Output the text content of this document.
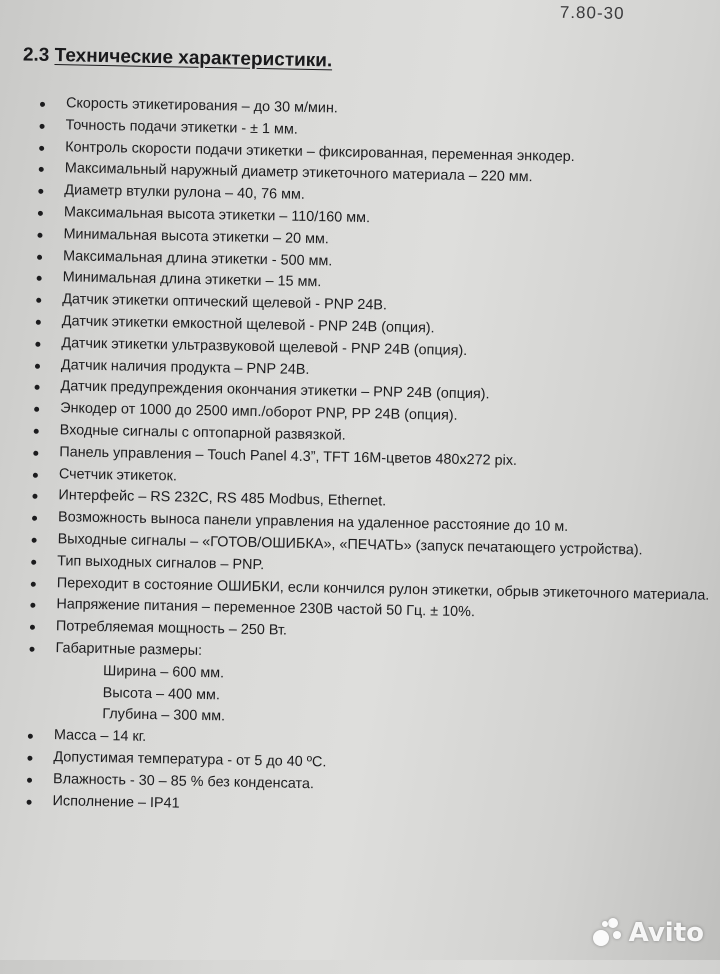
7.80-30
2.3 Технические характеристики.
Скорость этикетирования – до 30 м/мин.
Точность подачи этикетки - ± 1 мм.
Контроль скорости подачи этикетки – фиксированная, переменная энкодер.
Максимальный наружный диаметр этикеточного материала – 220 мм.
Диаметр втулки рулона – 40, 76 мм.
Максимальная высота этикетки – 110/160 мм.
Минимальная высота этикетки – 20 мм.
Максимальная длина этикетки - 500 мм.
Минимальная длина этикетки – 15 мм.
Датчик этикетки оптический щелевой - PNP 24В.
Датчик этикетки емкостной щелевой - PNP 24В (опция).
Датчик этикетки ультразвуковой щелевой - PNP 24В (опция).
Датчик наличия продукта – PNP 24В.
Датчик предупреждения окончания этикетки – PNP 24В (опция).
Энкодер от 1000 до 2500 имп./оборот PNP, PP 24В (опция).
Входные сигналы с оптопарной развязкой.
Панель управления – Touch Panel 4.3”, TFT 16M-цветов 480x272 pix.
Счетчик этикеток.
Интерфейс – RS 232C, RS 485 Modbus, Ethernet.
Возможность выноса панели управления на удаленное расстояние до 10 м.
Выходные сигналы – «ГОТОВ/ОШИБКА», «ПЕЧАТЬ» (запуск печатающего устройства).
Тип выходных сигналов – PNP.
Переходит в состояние ОШИБКИ, если кончился рулон этикетки, обрыв этикеточного материала.
Напряжение питания – переменное 230В частой 50 Гц. ± 10%.
Потребляемая мощность – 250 Вт.
Габаритные размеры:
Ширина – 600 мм.
Высота – 400 мм.
Глубина – 300 мм.
Масса – 14 кг.
Допустимая температура - от 5 до 40 ºС.
Влажность - 30 – 85 % без конденсата.
Исполнение – IP41
Avito
